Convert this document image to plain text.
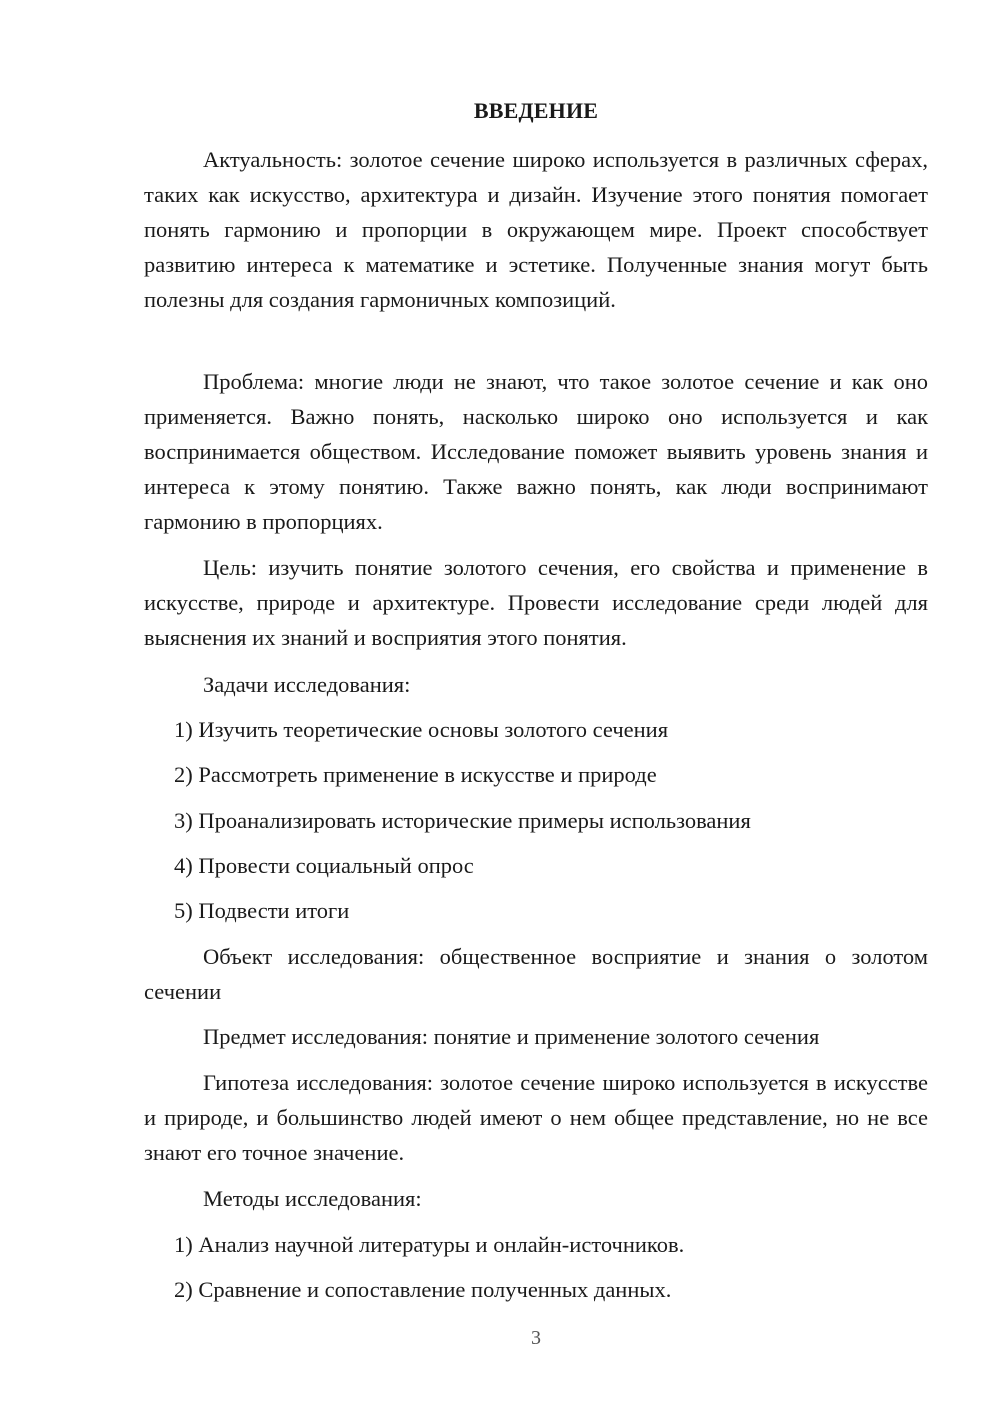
ВВЕДЕНИЕ

Актуальность: золотое сечение широко используется в различных сферах, таких как искусство, архитектура и дизайн. Изучение этого понятия помогает понять гармонию и пропорции в окружающем мире. Проект способствует развитию интереса к математике и эстетике. Полученные знания могут быть полезны для создания гармоничных композиций.

Проблема: многие люди не знают, что такое золотое сечение и как оно применяется. Важно понять, насколько широко оно используется и как воспринимается обществом. Исследование поможет выявить уровень знания и интереса к этому понятию. Также важно понять, как люди воспринимают гармонию в пропорциях.

Цель: изучить понятие золотого сечения, его свойства и применение в искусстве, природе и архитектуре. Провести исследование среди людей для выяснения их знаний и восприятия этого понятия.

Задачи исследования:

1) Изучить теоретические основы золотого сечения

2) Рассмотреть применение в искусстве и природе

3) Проанализировать исторические примеры использования

4) Провести социальный опрос

5) Подвести итоги

Объект исследования: общественное восприятие и знания о золотом сечении

Предмет исследования: понятие и применение золотого сечения

Гипотеза исследования: золотое сечение широко используется в искусстве и природе, и большинство людей имеют о нем общее представление, но не все знают его точное значение.

Методы исследования:

1) Анализ научной литературы и онлайн-источников.

2) Сравнение и сопоставление полученных данных.

3
